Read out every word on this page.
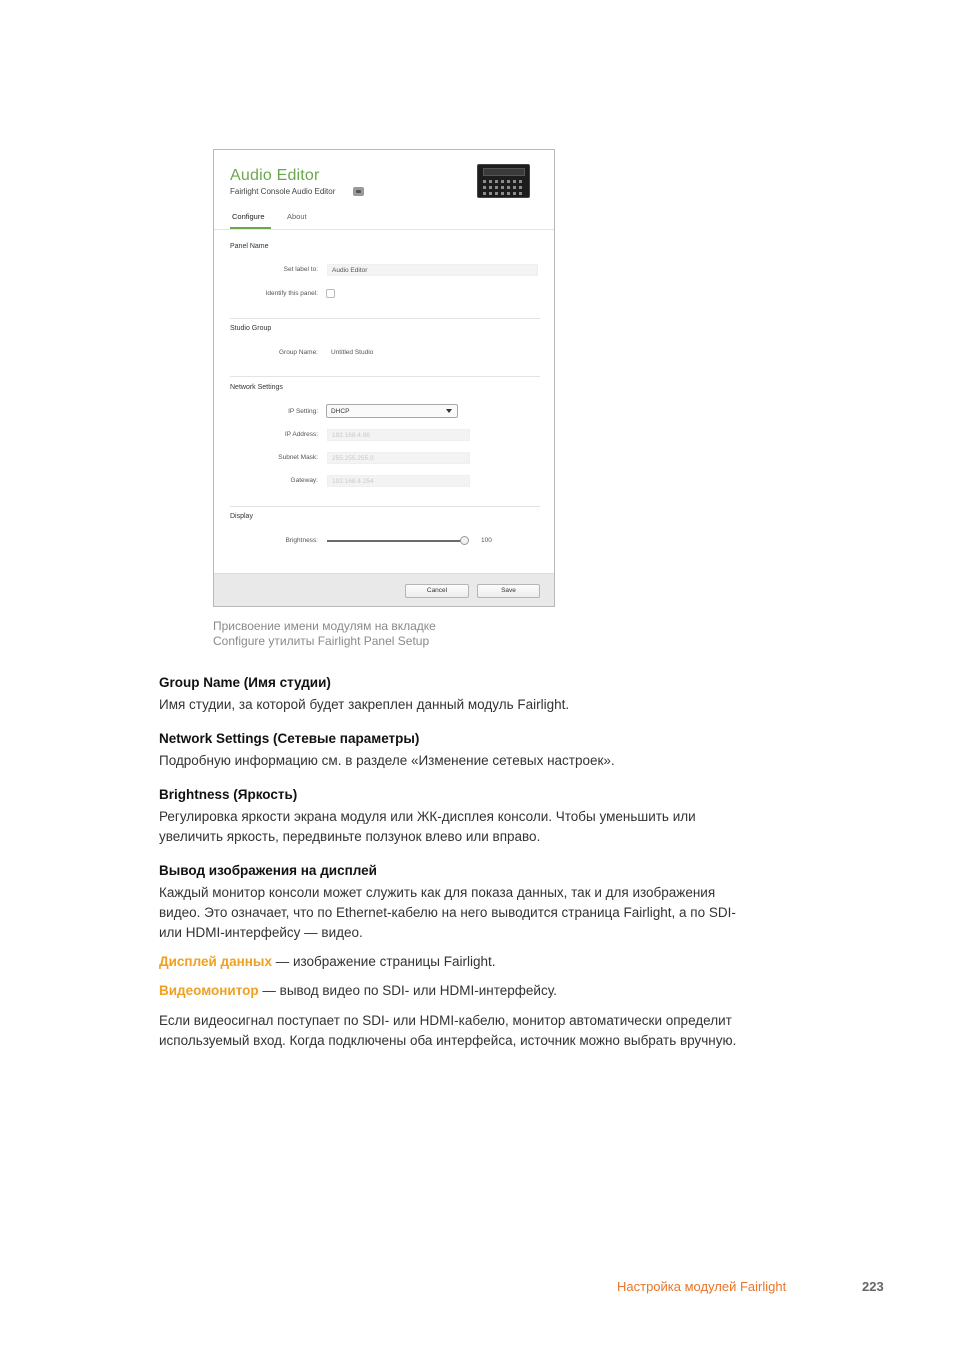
Audio Editor
Fairlight Console Audio Editor
Configure	About
Panel Name
Set label to:	Audio Editor
Identify this panel:
Studio Group
Group Name: Untitled Studio
Network Settings
IP Setting:	DHCP
IP Address:	192.168.4.96
Subnet Mask:	255.255.255.0
Gateway:	192.168.4.254
Display
Brightness:	100
Cancel	Save
Присвоение имени модулям на вкладке
Configure утилиты Fairlight Panel Setup
Group Name (Имя студии)
Имя студии, за которой будет закреплен данный модуль Fairlight.
Network Settings (Сетевые параметры)
Подробную информацию см. в разделе «Изменение сетевых настроек».
Brightness (Яркость)
Регулировка яркости экрана модуля или ЖК-дисплея консоли. Чтобы уменьшить или
увеличить яркость, передвиньте ползунок влево или вправо.
Вывод изображения на дисплей
Каждый монитор консоли может служить как для показа данных, так и для изображения
видео. Это означает, что по Ethernet-кабелю на него выводится страница Fairlight, а по SDI-
или HDMI-интерфейсу — видео.
Дисплей данных — изображение страницы Fairlight.
Видеомонитор — вывод видео по SDI- или HDMI-интерфейсу.
Если видеосигнал поступает по SDI- или HDMI-кабелю, монитор автоматически определит
используемый вход. Когда подключены оба интерфейса, источник можно выбрать вручную.
Настройка модулей Fairlight	223
